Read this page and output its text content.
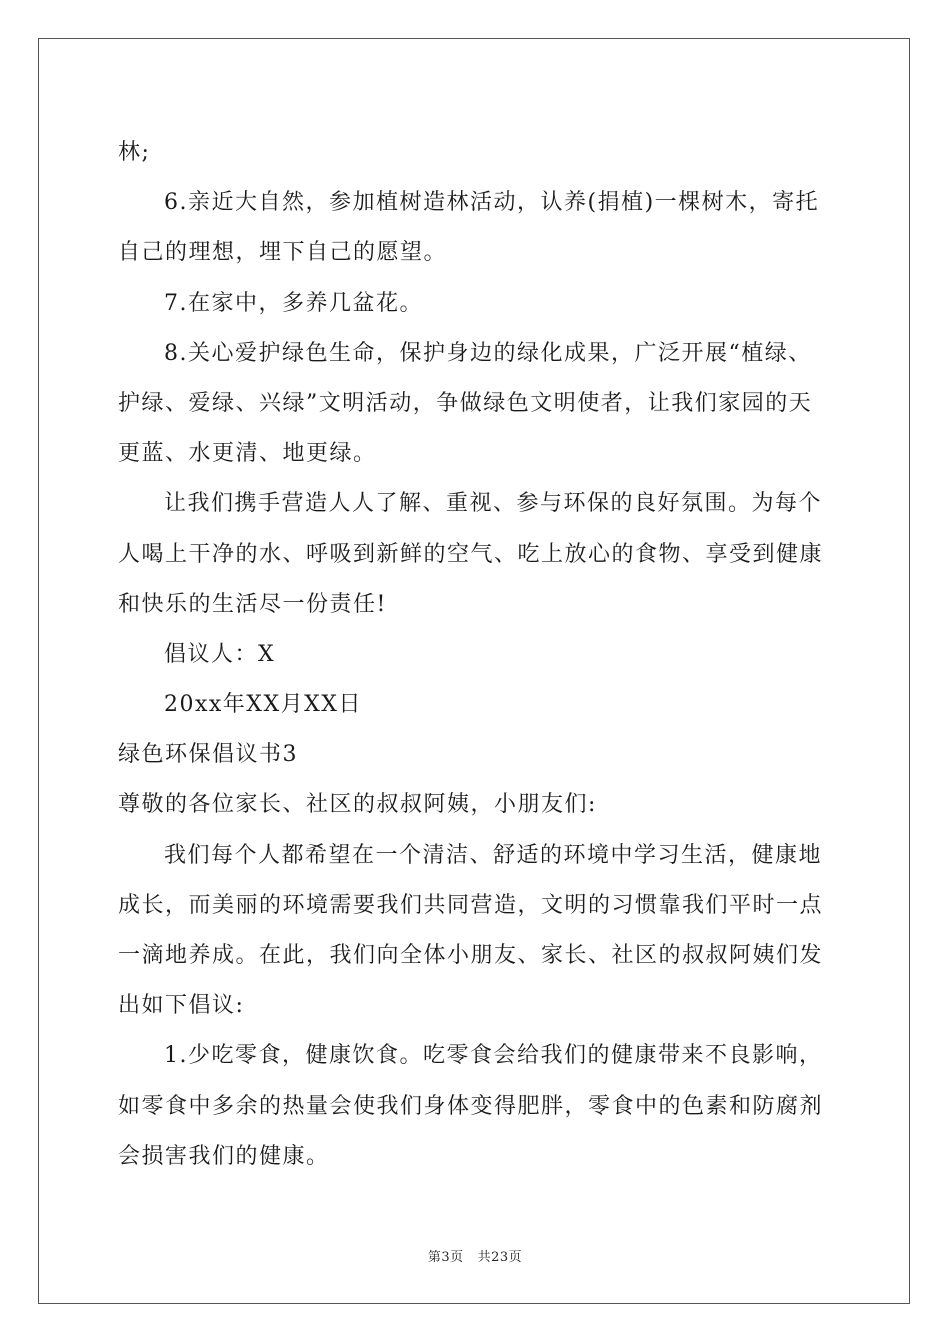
林;
6.亲近大自然，参加植树造林活动，认养(捐植)一棵树木，寄托
自己的理想，埋下自己的愿望。
7.在家中，多养几盆花。
8.关心爱护绿色生命，保护身边的绿化成果，广泛开展“植绿、
护绿、爱绿、兴绿”文明活动，争做绿色文明使者，让我们家园的天
更蓝、水更清、地更绿。
让我们携手营造人人了解、重视、参与环保的良好氛围。为每个
人喝上干净的水、呼吸到新鲜的空气、吃上放心的食物、享受到健康
和快乐的生活尽一份责任!
倡议人：X
20xx年XX月XX日
绿色环保倡议书3
尊敬的各位家长、社区的叔叔阿姨，小朋友们:
我们每个人都希望在一个清洁、舒适的环境中学习生活，健康地
成长，而美丽的环境需要我们共同营造，文明的习惯靠我们平时一点
一滴地养成。在此，我们向全体小朋友、家长、社区的叔叔阿姨们发
出如下倡议:
1.少吃零食，健康饮食。吃零食会给我们的健康带来不良影响，
如零食中多余的热量会使我们身体变得肥胖，零食中的色素和防腐剂
会损害我们的健康。
第3页 共23页
